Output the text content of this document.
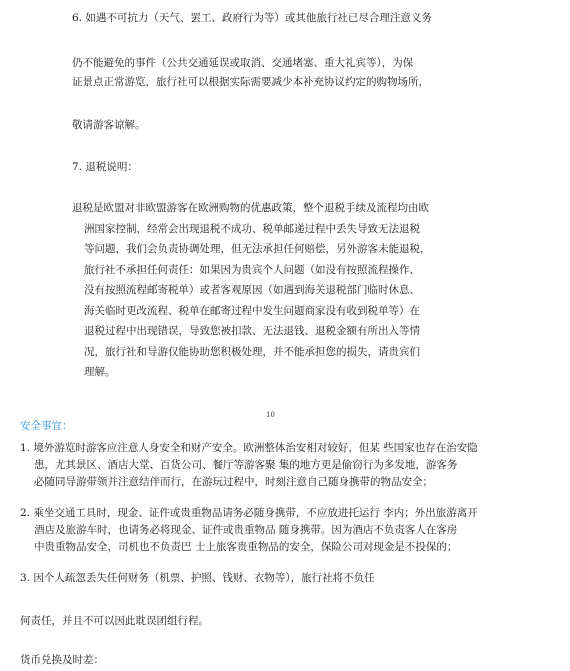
6. 如遇不可抗力（天气、罢工、政府行为等）或其他旅行社已尽合理注意义务

仍不能避免的事件（公共交通延误或取消、交通堵塞、重大礼宾等），为保

证景点正常游览，旅行社可以根据实际需要减少本补充协议约定的购物场所，

敬请游客谅解。

7. 退税说明：

退税是欧盟对非欧盟游客在欧洲购物的优惠政策，整个退税手续及流程均由欧
洲国家控制，经常会出现退税不成功、税单邮递过程中丢失导致无法退税
等问题，我们会负责协调处理，但无法承担任何赔偿，另外游客未能退税，
旅行社不承担任何责任：如果因为贵宾个人问题（如没有按照流程操作、
没有按照流程邮寄税单）或者客观原因（如遇到海关退税部门临时休息、
海关临时更改流程、税单在邮寄过程中发生问题商家没有收到税单等）在
退税过程中出现错误，导致您被扣款、无法退钱、退税金额有所出入等情
况，旅行社和导游仅能协助您积极处理，并不能承担您的损失，请贵宾们
理解。

10

安全事宜：

1. 境外游览时游客应注意人身安全和财产安全。欧洲整体治安相对较好，但某 些国家也存在治安隐
患，尤其景区、酒店大堂、百货公司、餐厅等游客聚 集的地方更是偷窃行为多发地，游客务
必随同导游带领并注意结伴而行，在游玩过程中，时刻注意自己随身携带的物品安全；
2. 乘坐交通工具时，现金、证件或贵重物品请务必随身携带，不应放进托运行 李内；外出旅游离开
酒店及旅游车时，也请务必将现金、证件或贵重物品 随身携带。因为酒店不负责客人在客房
中贵重物品安全，司机也不负责巴 士上旅客贵重物品的安全，保险公司对现金是不投保的；
3. 因个人疏忽丢失任何财务（机票、护照、钱财、衣物等），旅行社将不负任

何责任，并且不可以因此耽误团组行程。

货币兑换及时差：
